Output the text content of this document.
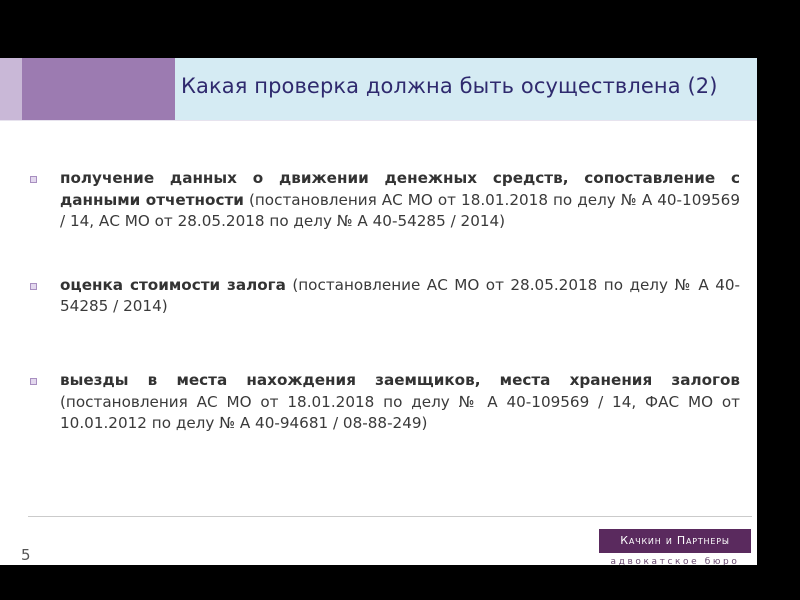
Какая проверка должна быть осуществлена (2)
получение данных о движении денежных средств, сопоставление с данными отчетности (постановления АС МО от 18.01.2018 по делу № А 40-109569 / 14, АС МО от 28.05.2018 по делу № А 40-54285 / 2014)
оценка стоимости залога (постановление АС МО от 28.05.2018 по делу № А 40-54285 / 2014)
выезды в места нахождения заемщиков, места хранения залогов (постановления АС МО от 18.01.2018 по делу № А 40-109569 / 14, ФАС МО от 10.01.2012 по делу № А 40-94681 / 08-88-249)
5
Качкин и Партнеры
адвокатское бюро
